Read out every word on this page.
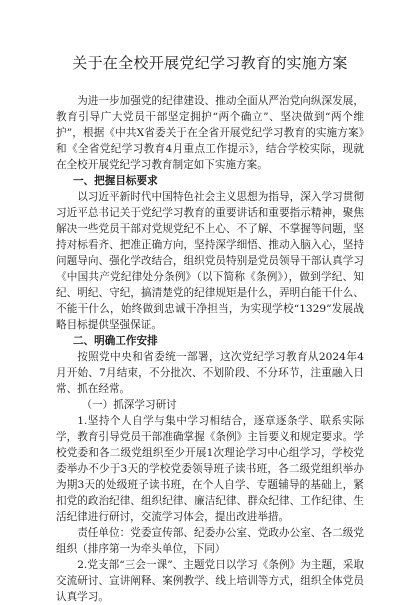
关于在全校开展党纪学习教育的实施方案

为进一步加强党的纪律建设、推动全面从严治党向纵深发展，教育引导广大党员干部坚定拥护“两个确立”、坚决做到“两个维护”，根据《中共X省委关于在全省开展党纪学习教育的实施方案》和《全省党纪学习教育4月重点工作提示》，结合学校实际，现就在全校开展党纪学习教育制定如下实施方案。

一、把握目标要求

以习近平新时代中国特色社会主义思想为指导，深入学习贯彻习近平总书记关于党纪学习教育的重要讲话和重要指示精神，聚焦解决一些党员干部对党规党纪不上心、不了解、不掌握等问题，坚持对标看齐、把准正确方向，坚持深学细悟、推动入脑入心，坚持问题导向、强化学改结合，组织党员特别是党员领导干部认真学习《中国共产党纪律处分条例》（以下简称《条例》），做到学纪、知纪、明纪、守纪，搞清楚党的纪律规矩是什么，弄明白能干什么、不能干什么，始终做到忠诚干净担当，为实现学校“1329”发展战略目标提供坚强保证。

二、明确工作安排

按照党中央和省委统一部署，这次党纪学习教育从2024年4月开始、7月结束，不分批次、不划阶段、不分环节，注重融入日常、抓在经常。

（一）抓深学习研讨

1.坚持个人自学与集中学习相结合，逐章逐条学、联系实际学，教育引导党员干部准确掌握《条例》主旨要义和规定要求。学校党委和各二级党组织至少开展1次理论学习中心组学习，学校党委举办不少于3天的学校党委领导班子读书班，各二级党组织举办为期3天的处级班子读书班，在个人自学、专题辅导的基础上，紧扣党的政治纪律、组织纪律、廉洁纪律、群众纪律、工作纪律、生活纪律进行研讨，交流学习体会，提出改进举措。

责任单位：党委宣传部、纪委办公室、党政办公室、各二级党组织（排序第一为牵头单位，下同）

2.党支部“三会一课”、主题党日以学习《条例》为主题，采取交流研讨、宣讲阐释、案例教学、线上培训等方式，组织全体党员认真学习。
